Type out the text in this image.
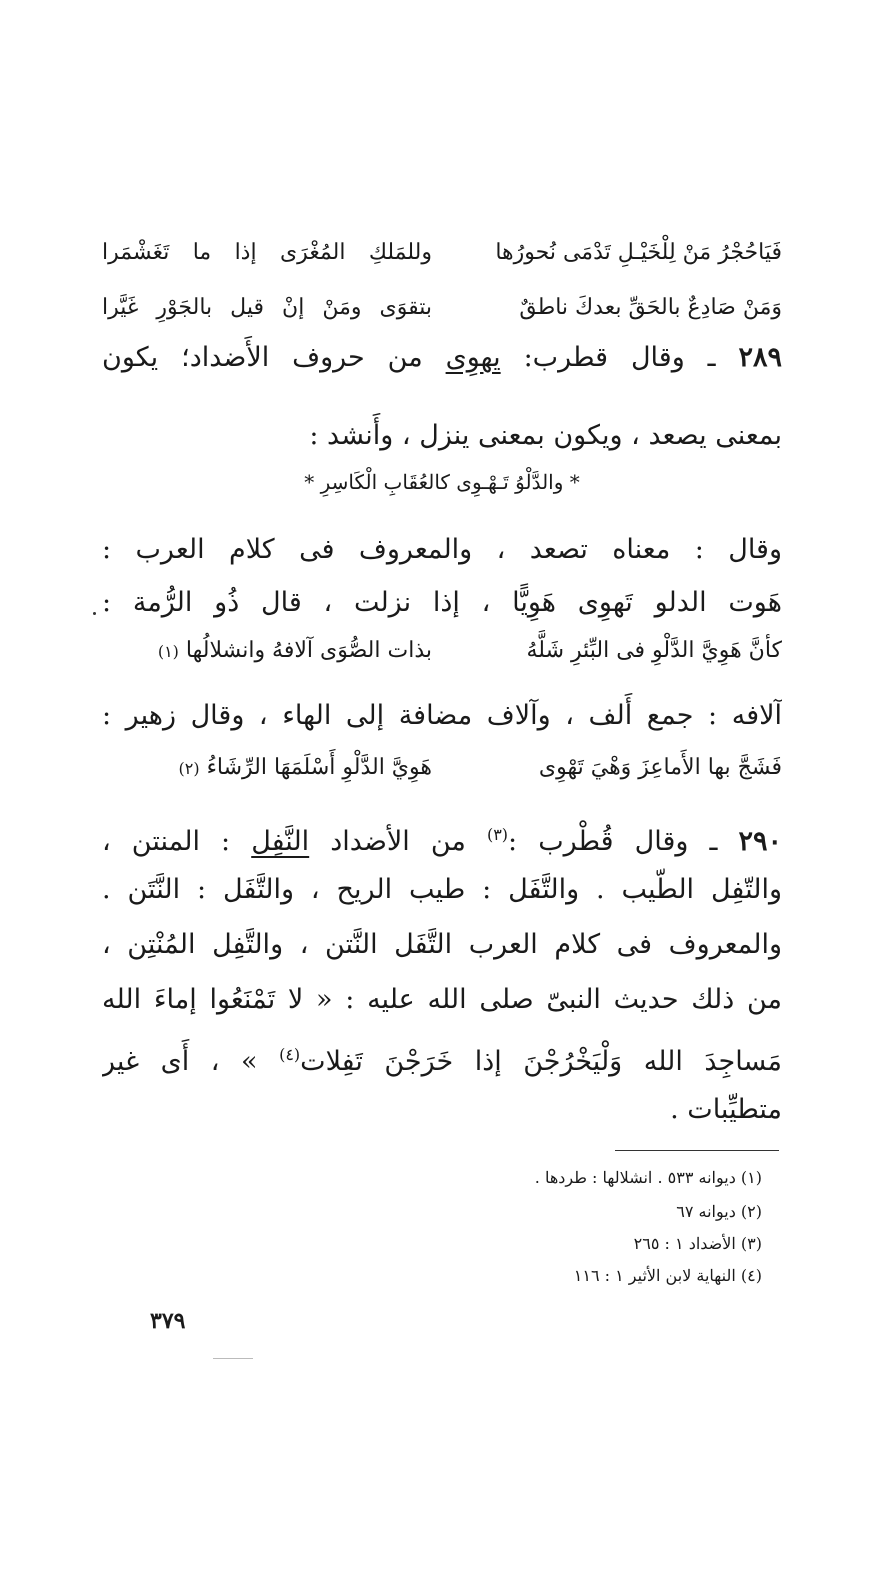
فَيَاحُجْرُ مَنْ لِلْخَيْـلِ تَدْمَى نُحورُها
وللمَلكِ المُغْرَى إذا ما تَغَشْمَرا
وَمَنْ صَادِعٌ بالحَقِّ بعدكَ ناطقٌ
بتقوَى ومَنْ إنْ قيل بالجَوْرِ غَيَّرا
٢٨٩ ـ وقال قطرب: يهوِى من حروف الأَضداد؛ يكون
بمعنى يصعد ، ويكون بمعنى ينزل ، وأَنشد :
* والدَّلْوُ تَـهْـوِى كالعُقَابِ الْكَاسِرِ *
وقال : معناه تصعد ، والمعروف فى كلام العرب :
هَوت الدلو تَهوِى هَوِيًّا ، إذا نزلت ، قال ذُو الرُّمة :
كأنَّ هَوِيَّ الدَّلْوِ فى البِّئرِ شَلَّهُ
بذات الصُّوَى آلافهُ وانشلالُها (١)
آلافه : جمع أَلف ، وآلاف مضافة إلى الهاء ، وقال زهير :
فَشَجَّ بها الأَماعِزَ وَهْيَ تَهْوِى
هَوِيَّ الدَّلْوِ أَسْلَمَهَا الرِّشَاءُ (٢)
٢٩٠ ـ وقال قُطْرب :$^{(٣)}$ من الأضداد النَّفِل : المنتن ،
والتّفِل الطّيب . والتَّفَل : طيب الريح ، والتَّفَل : النَّتَن .
والمعروف فى كلام العرب التَّفَل النَّتن ، والتَّفِل المُنْتِن ،
من ذلك حديث النبىّ صلى الله عليه : « لا تَمْنَعُوا إماءَ الله
مَساجِدَ الله وَلْيَخْرُجْنَ إذا خَرَجْنَ تَفِلات$^{(٤)}$ » ، أَى غير
متطيِّبات .
(١) ديوانه ٥٣٣ . انشلالها : طردها .
(٢) ديوانه ٦٧
(٣) الأضداد ١ : ٢٦٥
(٤) النهاية لابن الأثير ١ : ١١٦
٣٧٩
